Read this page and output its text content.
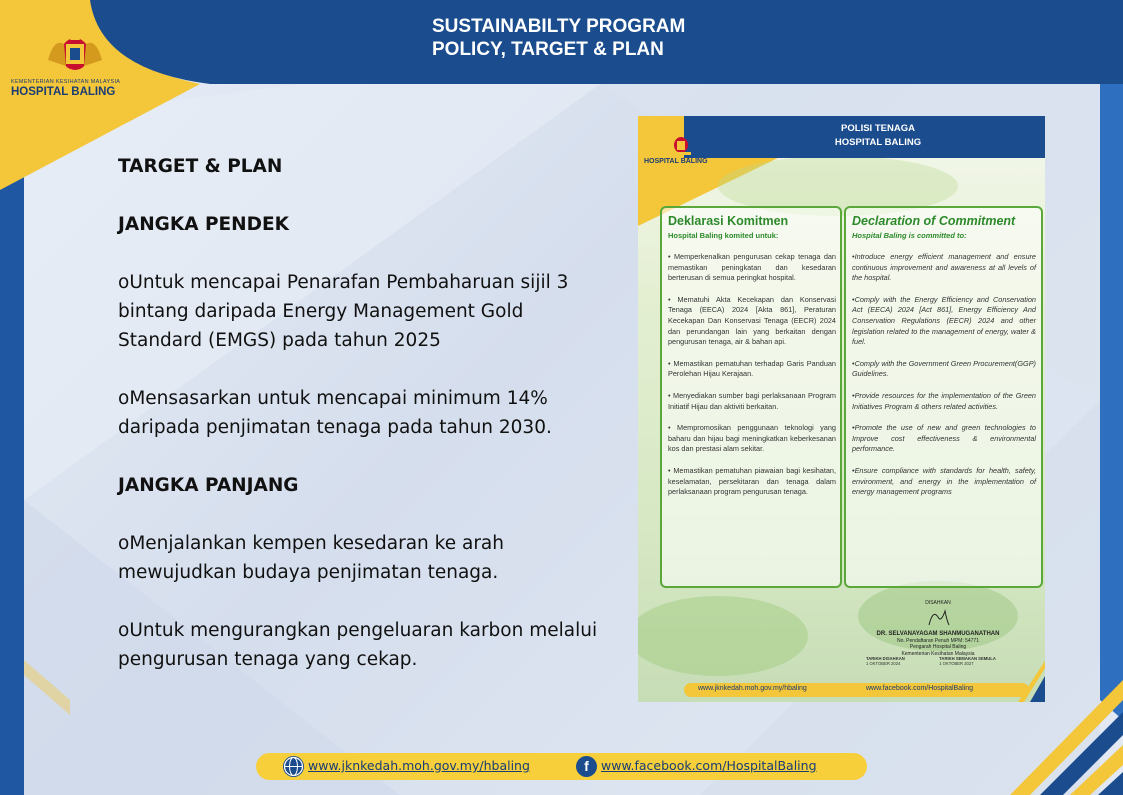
SUSTAINABILTY PROGRAM
POLICY, TARGET & PLAN
KEMENTERIAN KESIHATAN MALAYSIA
HOSPITAL BALING
TARGET & PLAN
JANGKA PENDEK

oUntuk mencapai Penarafan Pembaharuan sijil 3 bintang daripada Energy Management Gold Standard (EMGS) pada tahun 2025

oMensasarkan untuk mencapai minimum 14% daripada penjimatan tenaga pada tahun 2030.

JANGKA PANJANG

oMenjalankan kempen kesedaran ke arah mewujudkan budaya penjimatan tenaga.

oUntuk mengurangkan pengeluaran karbon melalui pengurusan tenaga yang cekap.

POLISI TENAGA
HOSPITAL BALING
HOSPITAL BALING
Deklarasi Komitmen
Hospital Baling komited untuk:
• Memperkenalkan pengurusan cekap tenaga dan memastikan peningkatan dan kesedaran berterusan di semua peringkat hospital.
• Mematuhi Akta Kecekapan dan Konservasi Tenaga (EECA) 2024 [Akta 861], Peraturan Kecekapan Dan Konservasi Tenaga (EECR) 2024 dan perundangan lain yang berkaitan dengan pengurusan tenaga, air & bahan api.
• Memastikan pematuhan terhadap Garis Panduan Perolehan Hijau Kerajaan.
• Menyediakan sumber bagi perlaksanaan Program Initiatif Hijau dan aktiviti berkaitan.
• Mempromosikan penggunaan teknologi yang baharu dan hijau bagi meningkatkan keberkesanan kos dan prestasi alam sekitar.
• Memastikan pematuhan piawaian bagi kesihatan, keselamatan, persekitaran dan tenaga dalam perlaksanaan program pengurusan tenaga.
Declaration of Commitment
Hospital Baling is committed to:
•Introduce energy efficient management and ensure continuous improvement and awareness at all levels of the hospital.
•Comply with the Energy Efficiency and Conservation Act (EECA) 2024 [Act 861], Energy Efficiency And Conservation Regulations (EECR) 2024 and other legislation related to the management of energy, water & fuel.
•Comply with the Government Green Procurement(GGP) Guidelines.
•Provide resources for the implementation of the Green Initiatives Program & others related activities.
•Promote the use of new and green technologies to Improve cost effectiveness & environmental performance.
•Ensure compliance with standards for health, safety, environment, and energy in the implementation of energy management programs
DISAHKAN
DR. SELVANAYAGAM SHANMUGANATHAN
No. Pendaftaran Penuh MPM: 54771
Pengarah Hospital Baling
Kementerian Kesihatan Malaysia
TARIKH DISAHKAN
1 OKTOBER 2024 TARIKH SEMAKAN SEMULA
1 OKTOBER 2027
www.jknkedah.moh.gov.my/hbaling	www.facebook.com/HospitalBaling
www.jknkedah.moh.gov.my/hbaling	f www.facebook.com/HospitalBaling
